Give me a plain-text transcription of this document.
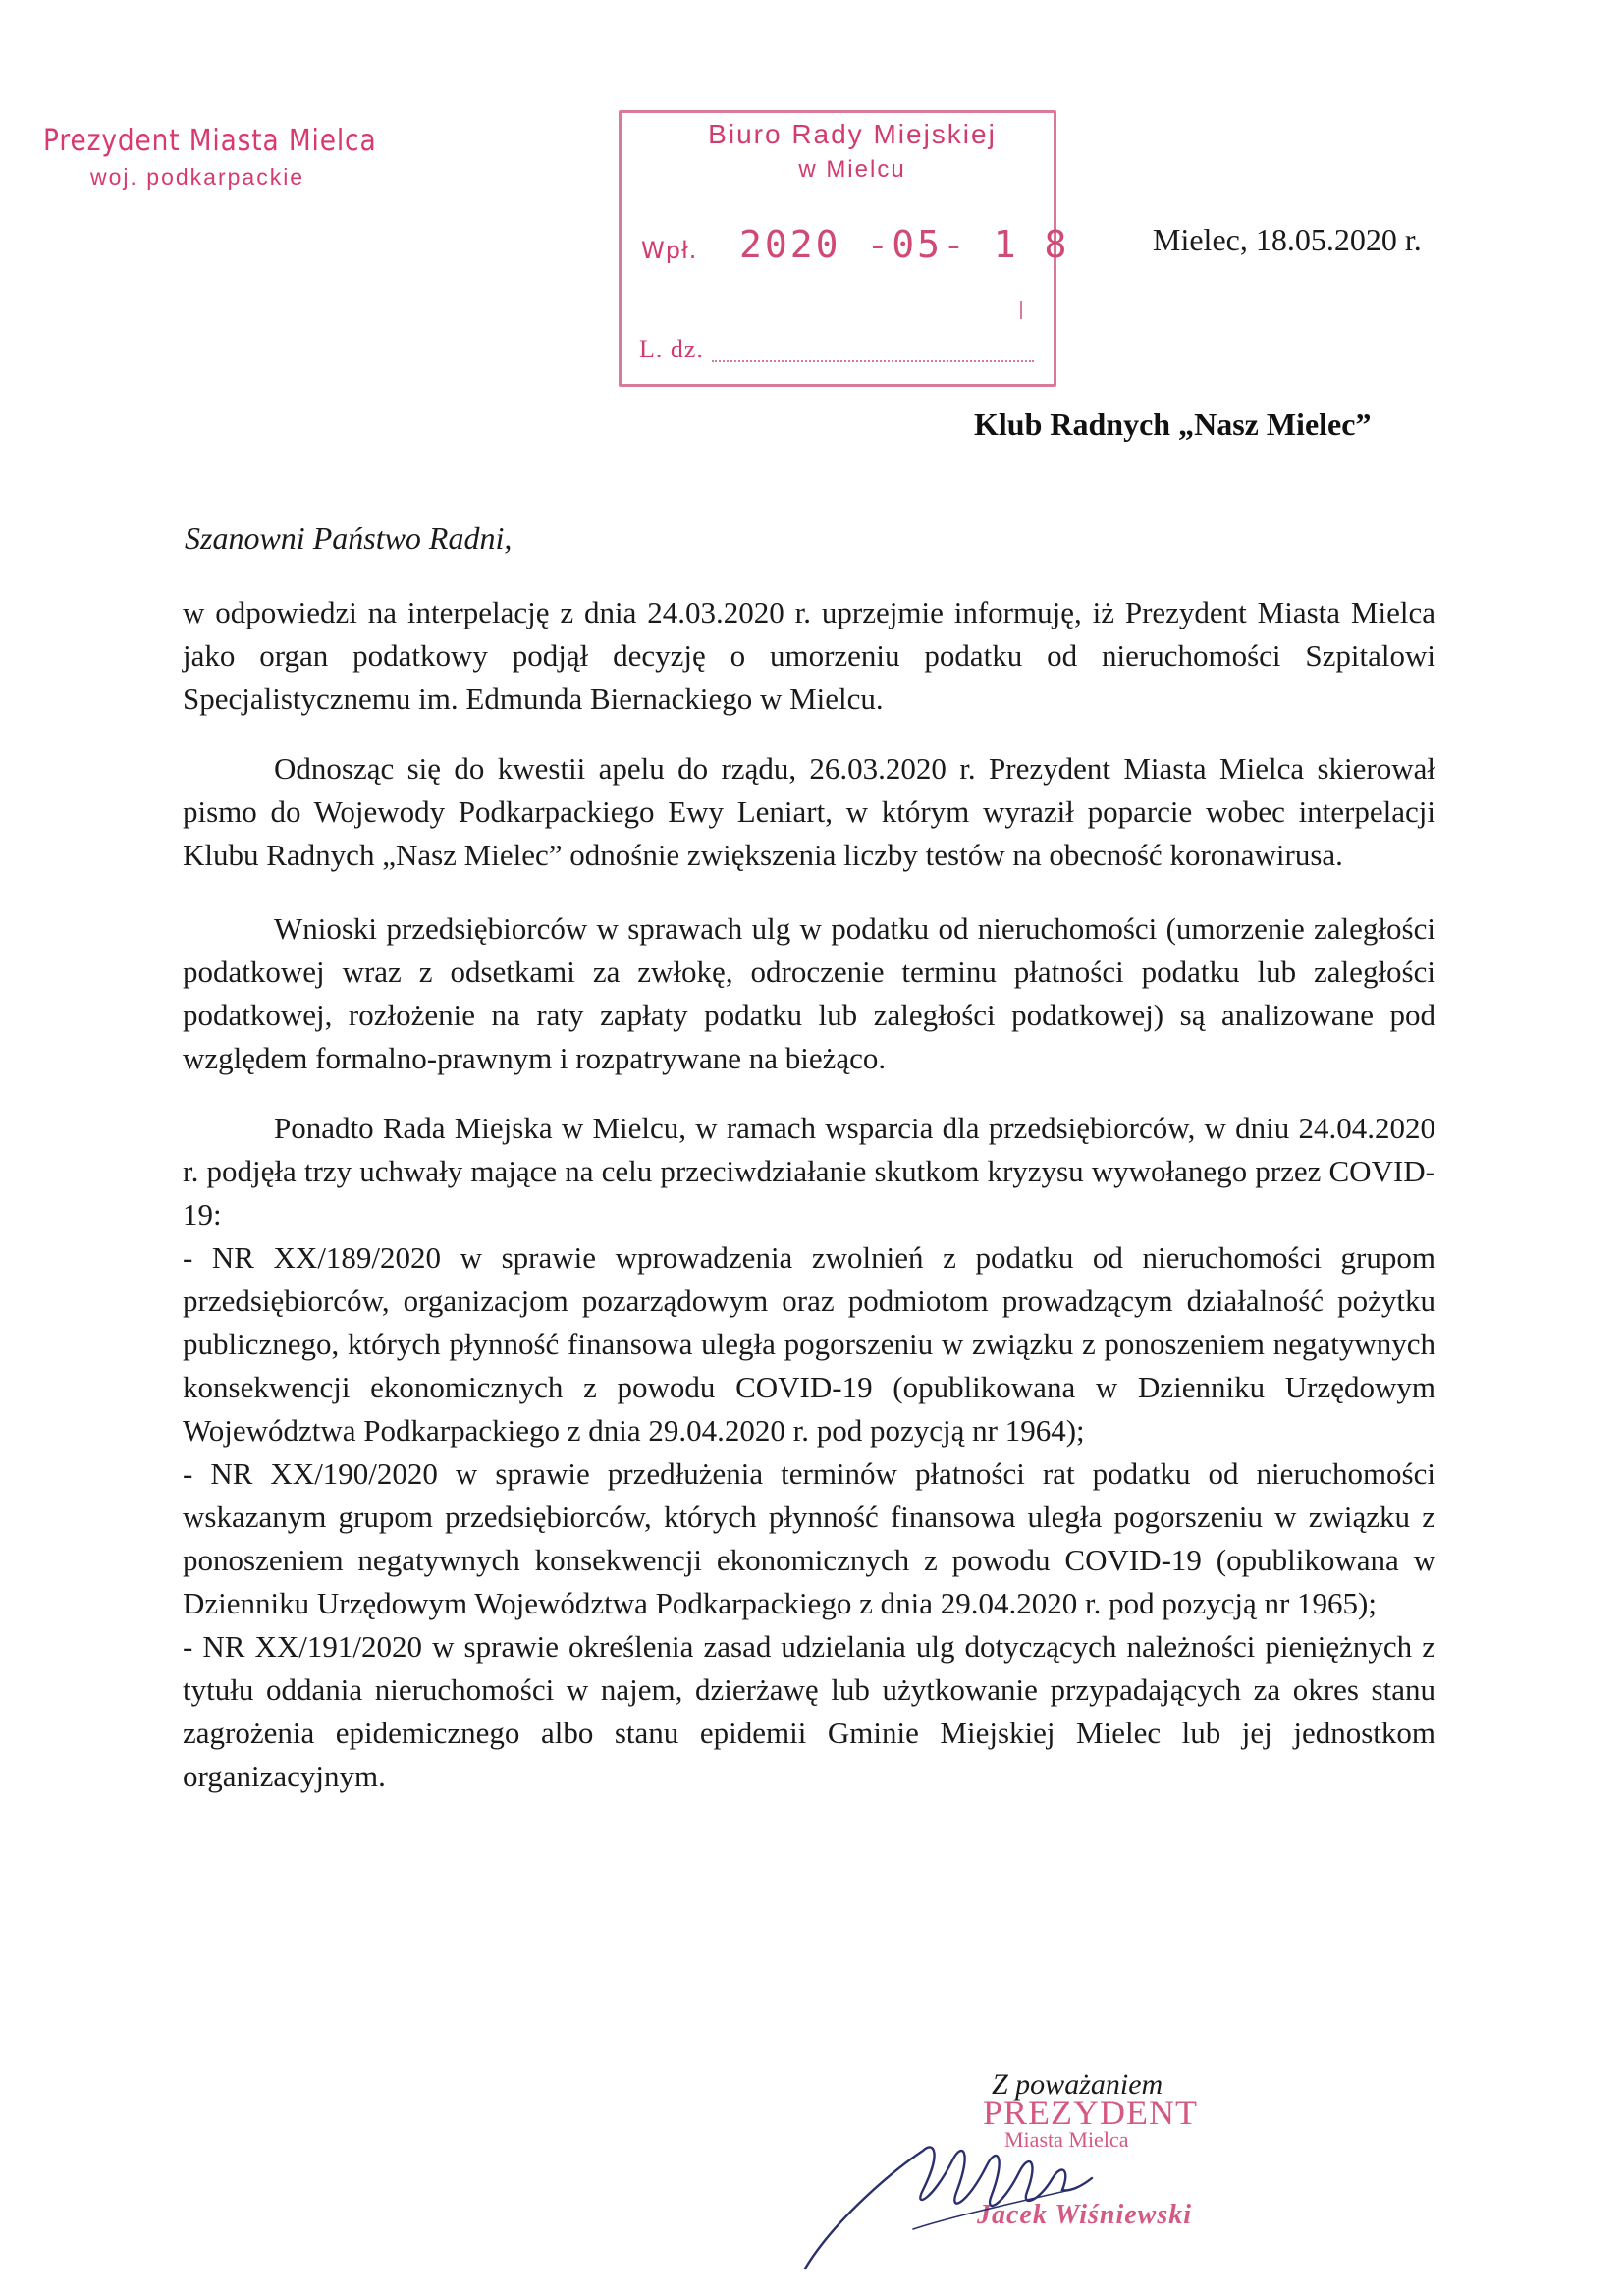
Prezydent Miasta Mielca
woj. podkarpackie
Biuro Rady Miejskiej
w Mielcu
Wpł. 2020 -05- 1 8
L. dz.
Mielec, 18.05.2020 r.
Klub Radnych „Nasz Mielec”
Szanowni Państwo Radni,

w odpowiedzi na interpelację z dnia 24.03.2020 r. uprzejmie informuję, iż Prezydent Miasta Mielca jako organ podatkowy podjął decyzję o umorzeniu podatku od nieruchomości Szpitalowi Specjalistycznemu im. Edmunda Biernackiego w Mielcu.

Odnosząc się do kwestii apelu do rządu, 26.03.2020 r. Prezydent Miasta Mielca skierował pismo do Wojewody Podkarpackiego Ewy Leniart, w którym wyraził poparcie wobec interpelacji Klubu Radnych „Nasz Mielec” odnośnie zwiększenia liczby testów na obecność koronawirusa.

Wnioski przedsiębiorców w sprawach ulg w podatku od nieruchomości (umorzenie zaległości podatkowej wraz z odsetkami za zwłokę, odroczenie terminu płatności podatku lub zaległości podatkowej, rozłożenie na raty zapłaty podatku lub zaległości podatkowej) są analizowane pod względem formalno-prawnym i rozpatrywane na bieżąco.

Ponadto Rada Miejska w Mielcu, w ramach wsparcia dla przedsiębiorców, w dniu 24.04.2020 r. podjęła trzy uchwały mające na celu przeciwdziałanie skutkom kryzysu wywołanego przez COVID-19:

- NR XX/189/2020 w sprawie wprowadzenia zwolnień z podatku od nieruchomości grupom przedsiębiorców, organizacjom pozarządowym oraz podmiotom prowadzącym działalność pożytku publicznego, których płynność finansowa uległa pogorszeniu w związku z ponoszeniem negatywnych konsekwencji ekonomicznych z powodu COVID-19 (opublikowana w Dzienniku Urzędowym Województwa Podkarpackiego z dnia 29.04.2020 r. pod pozycją nr 1964);

- NR XX/190/2020 w sprawie przedłużenia terminów płatności rat podatku od nieruchomości wskazanym grupom przedsiębiorców, których płynność finansowa uległa pogorszeniu w związku z ponoszeniem negatywnych konsekwencji ekonomicznych z powodu COVID-19 (opublikowana w Dzienniku Urzędowym Województwa Podkarpackiego z dnia 29.04.2020 r. pod pozycją nr 1965);

- NR XX/191/2020 w sprawie określenia zasad udzielania ulg dotyczących należności pieniężnych z tytułu oddania nieruchomości w najem, dzierżawę lub użytkowanie przypadających za okres stanu zagrożenia epidemicznego albo stanu epidemii Gminie Miejskiej Mielec lub jej jednostkom organizacyjnym.

Z poważaniem
PREZYDENT
Miasta Mielca
Jacek Wiśniewski
